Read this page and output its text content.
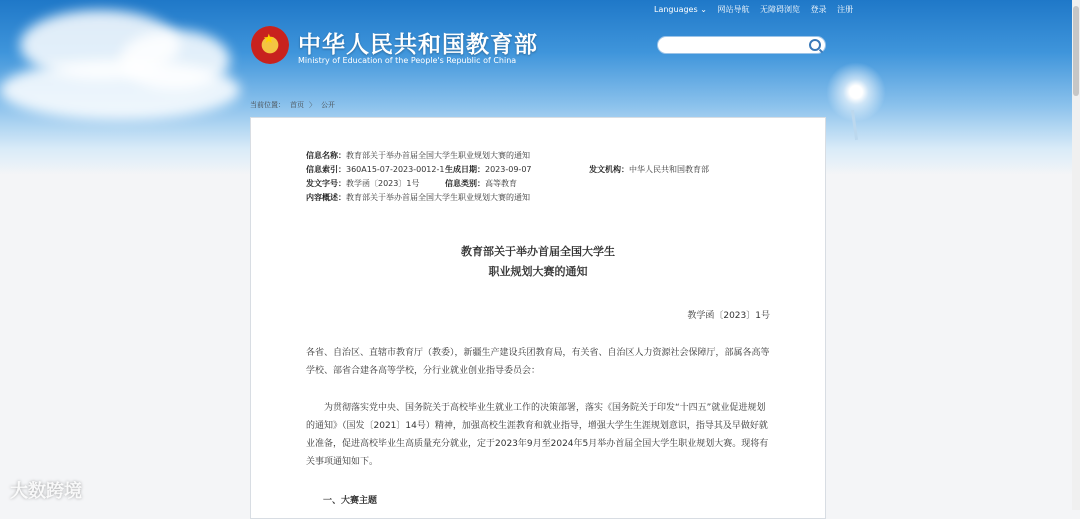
Languages ⌄ 网站导航 无障碍浏览 登录 注册
★
中华人民共和国教育部
Ministry of Education of the People's Republic of China
当前位置： 首页 〉 公开
信息名称：教育部关于举办首届全国大学生职业规划大赛的通知
信息索引：360A15-07-2023-0012-1 生成日期：2023-09-07	发文机构：中华人民共和国教育部
发文字号：教学函〔2023〕1号	信息类别：高等教育
内容概述：教育部关于举办首届全国大学生职业规划大赛的通知
教育部关于举办首届全国大学生
职业规划大赛的通知
教学函〔2023〕1号
各省、自治区、直辖市教育厅（教委），新疆生产建设兵团教育局，有关省、自治区人力资源社会保障厅，部属各高等学校、部省合建各高等学校，分行业就业创业指导委员会：
为贯彻落实党中央、国务院关于高校毕业生就业工作的决策部署，落实《国务院关于印发“十四五”就业促进规划的通知》（国发〔2021〕14号）精神，加强高校生涯教育和就业指导，增强大学生生涯规划意识，指导其及早做好就业准备，促进高校毕业生高质量充分就业，定于2023年9月至2024年5月举办首届全国大学生职业规划大赛。现将有关事项通知如下。
一、大赛主题
大数跨境
